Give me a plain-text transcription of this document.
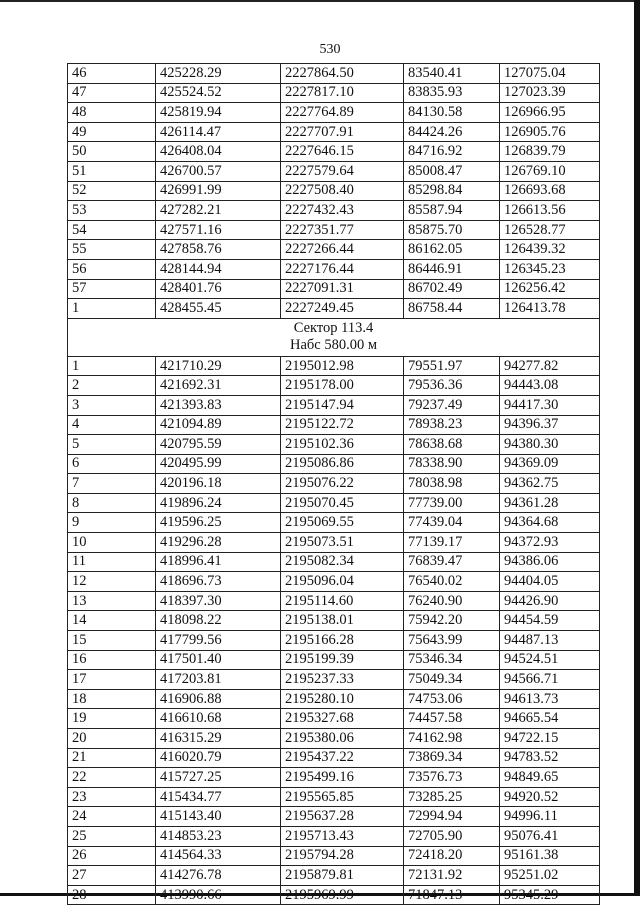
530
46	425228.29	2227864.50	83540.41	127075.04
47	425524.52	2227817.10	83835.93	127023.39
48	425819.94	2227764.89	84130.58	126966.95
49	426114.47	2227707.91	84424.26	126905.76
50	426408.04	2227646.15	84716.92	126839.79
51	426700.57	2227579.64	85008.47	126769.10
52	426991.99	2227508.40	85298.84	126693.68
53	427282.21	2227432.43	85587.94	126613.56
54	427571.16	2227351.77	85875.70	126528.77
55	427858.76	2227266.44	86162.05	126439.32
56	428144.94	2227176.44	86446.91	126345.23
57	428401.76	2227091.31	86702.49	126256.42
1	428455.45	2227249.45	86758.44	126413.78

Сектор 113.4
Набс 580.00 м				

1	421710.29	2195012.98	79551.97	94277.82
2	421692.31	2195178.00	79536.36	94443.08
3	421393.83	2195147.94	79237.49	94417.30
4	421094.89	2195122.72	78938.23	94396.37
5	420795.59	2195102.36	78638.68	94380.30
6	420495.99	2195086.86	78338.90	94369.09
7	420196.18	2195076.22	78038.98	94362.75
8	419896.24	2195070.45	77739.00	94361.28
9	419596.25	2195069.55	77439.04	94364.68
10	419296.28	2195073.51	77139.17	94372.93
11	418996.41	2195082.34	76839.47	94386.06
12	418696.73	2195096.04	76540.02	94404.05
13	418397.30	2195114.60	76240.90	94426.90
14	418098.22	2195138.01	75942.20	94454.59
15	417799.56	2195166.28	75643.99	94487.13
16	417501.40	2195199.39	75346.34	94524.51
17	417203.81	2195237.33	75049.34	94566.71
18	416906.88	2195280.10	74753.06	94613.73
19	416610.68	2195327.68	74457.58	94665.54
20	416315.29	2195380.06	74162.98	94722.15
21	416020.79	2195437.22	73869.34	94783.52
22	415727.25	2195499.16	73576.73	94849.65
23	415434.77	2195565.85	73285.25	94920.52
24	415143.40	2195637.28	72994.94	94996.11
25	414853.23	2195713.43	72705.90	95076.41
26	414564.33	2195794.28	72418.20	95161.38
27	414276.78	2195879.81	72131.92	95251.02
28	413990.66	2195969.99	71847.13	95345.29
